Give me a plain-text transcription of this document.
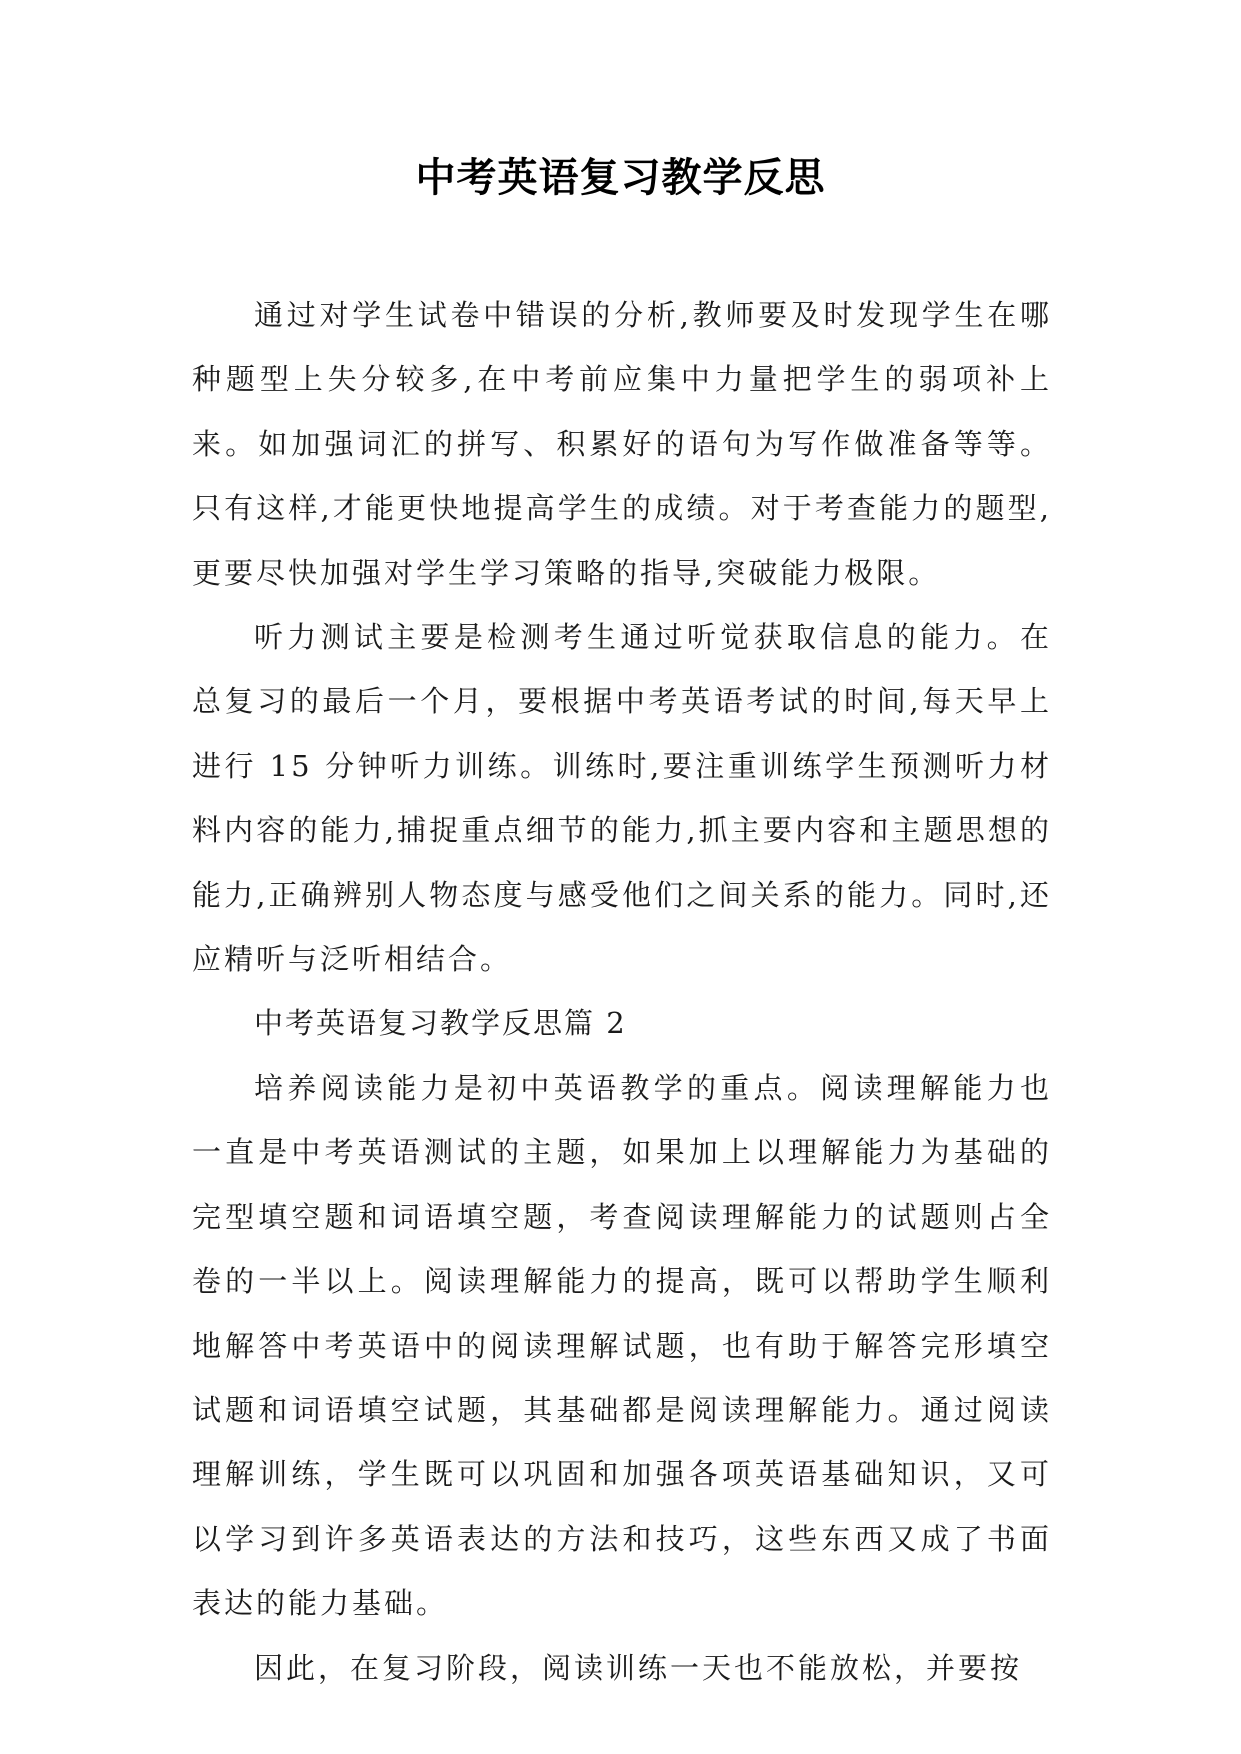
中考英语复习教学反思

通过对学生试卷中错误的分析,教师要及时发现学生在哪种题型上失分较多,在中考前应集中力量把学生的弱项补上来。如加强词汇的拼写、积累好的语句为写作做准备等等。只有这样,才能更快地提高学生的成绩。对于考查能力的题型,更要尽快加强对学生学习策略的指导,突破能力极限。

听力测试主要是检测考生通过听觉获取信息的能力。在总复习的最后一个月，要根据中考英语考试的时间,每天早上进行 15 分钟听力训练。训练时,要注重训练学生预测听力材料内容的能力,捕捉重点细节的能力,抓主要内容和主题思想的能力,正确辨别人物态度与感受他们之间关系的能力。同时,还应精听与泛听相结合。

中考英语复习教学反思篇 2

培养阅读能力是初中英语教学的重点。阅读理解能力也一直是中考英语测试的主题，如果加上以理解能力为基础的完型填空题和词语填空题，考查阅读理解能力的试题则占全卷的一半以上。阅读理解能力的提高，既可以帮助学生顺利地解答中考英语中的阅读理解试题，也有助于解答完形填空试题和词语填空试题，其基础都是阅读理解能力。通过阅读理解训练，学生既可以巩固和加强各项英语基础知识，又可以学习到许多英语表达的方法和技巧，这些东西又成了书面表达的能力基础。

因此，在复习阶段，阅读训练一天也不能放松，并要按
